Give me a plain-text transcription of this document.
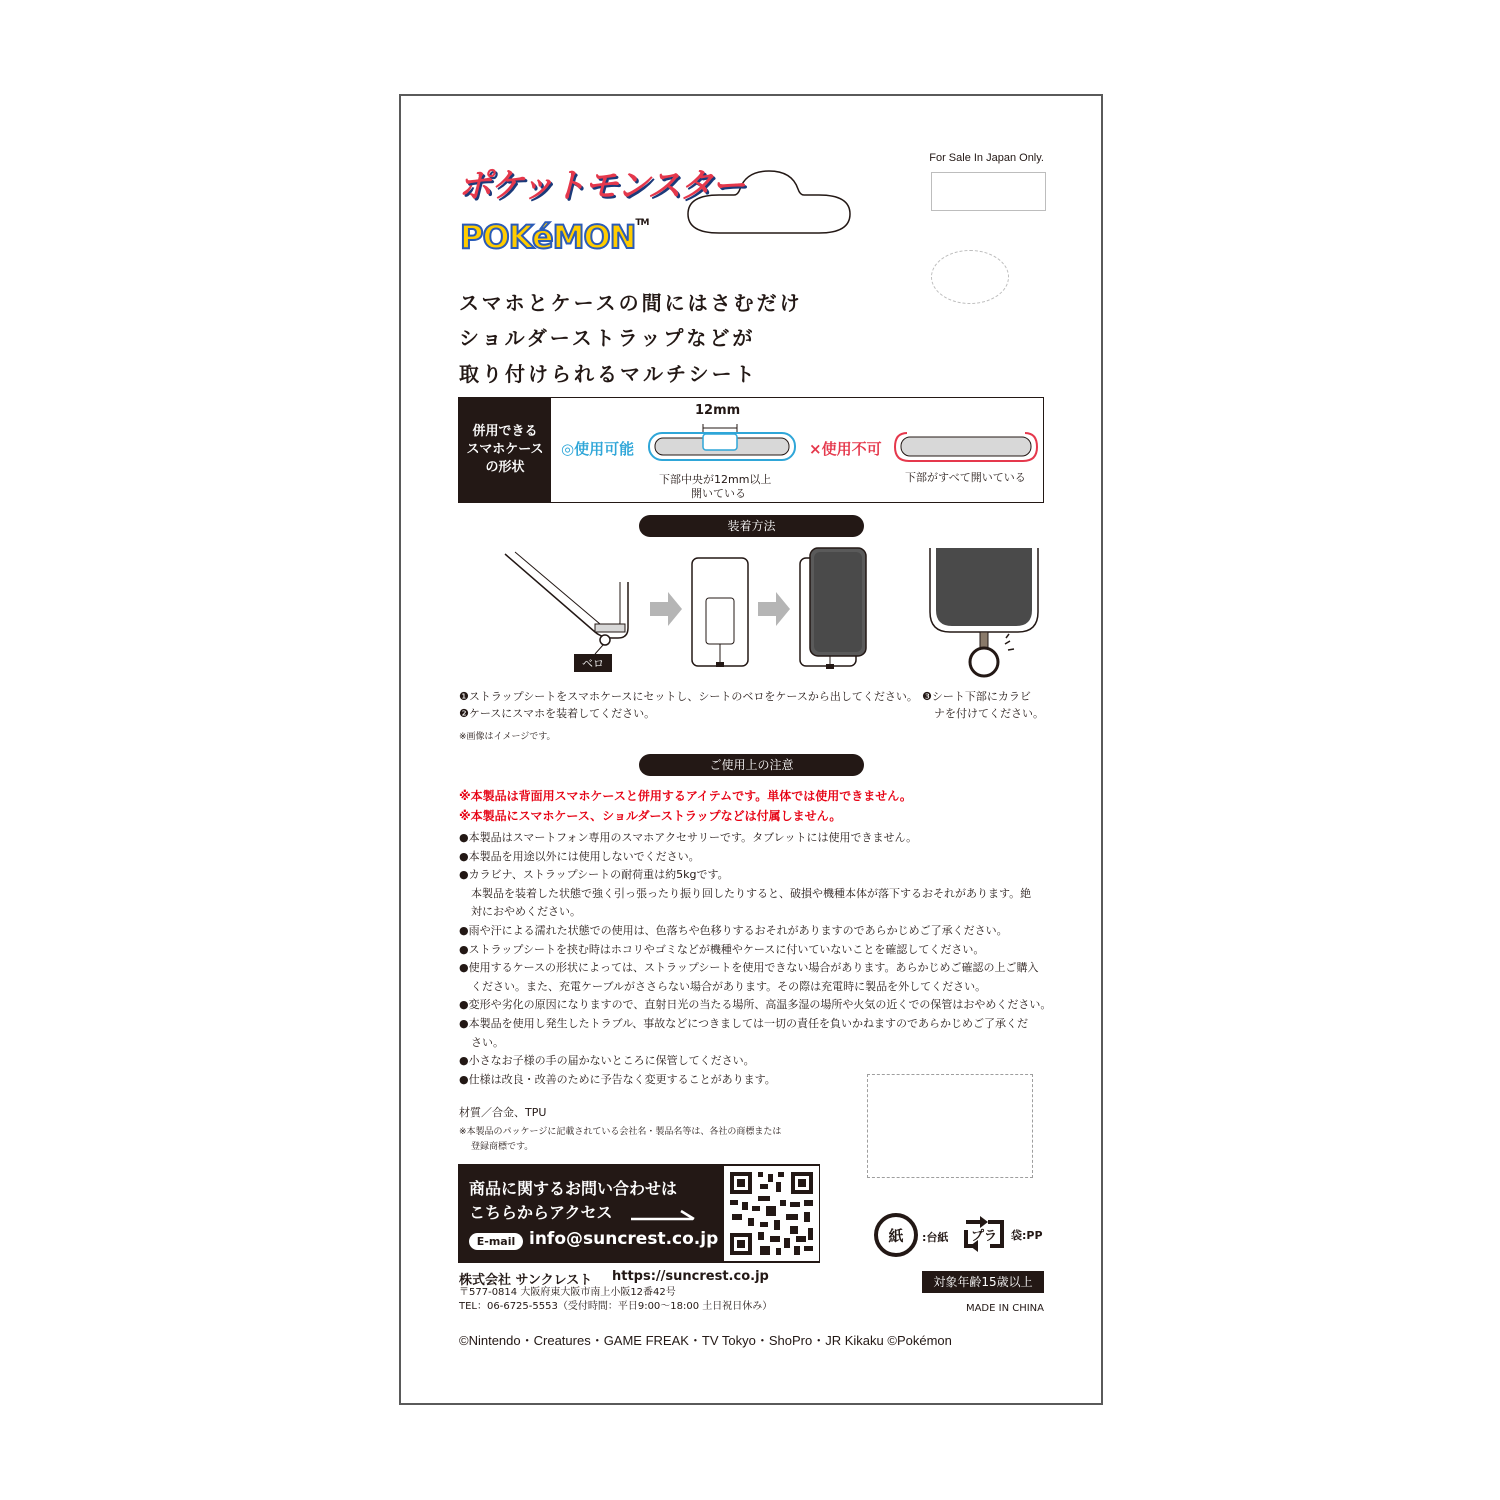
For Sale In Japan Only.
ポケットモンスター
POKéMON™
スマホとケースの間にはさむだけ
ショルダーストラップなどが
取り付けられるマルチシート
併用できる
スマホケース
の形状
◎使用可能
12mm
下部中央が12mm以上
開いている
×使用不可
下部がすべて開いている
装着方法
ベロ
❶ストラップシートをスマホケースにセットし、シートのベロをケースから出してください。
❷ケースにスマホを装着してください。
❸シート下部にカラビ
ナを付けてください。
※画像はイメージです。
ご使用上の注意
※本製品は背面用スマホケースと併用するアイテムです。単体では使用できません。
※本製品にスマホケース、ショルダーストラップなどは付属しません。
●本製品はスマートフォン専用のスマホアクセサリーです。タブレットには使用できません。
●本製品を用途以外には使用しないでください。
●カラビナ、ストラップシートの耐荷重は約5kgです。
本製品を装着した状態で強く引っ張ったり振り回したりすると、破損や機種本体が落下するおそれがあります。絶
対におやめください。
●雨や汗による濡れた状態での使用は、色落ちや色移りするおそれがありますのであらかじめご了承ください。
●ストラップシートを挟む時はホコリやゴミなどが機種やケースに付いていないことを確認してください。
●使用するケースの形状によっては、ストラップシートを使用できない場合があります。あらかじめご確認の上ご購入
ください。また、充電ケーブルがささらない場合があります。その際は充電時に製品を外してください。
●変形や劣化の原因になりますので、直射日光の当たる場所、高温多湿の場所や火気の近くでの保管はおやめください。
●本製品を使用し発生したトラブル、事故などにつきましては一切の責任を負いかねますのであらかじめご了承くだ
さい。
●小さなお子様の手の届かないところに保管してください。
●仕様は改良・改善のために予告なく変更することがあります。
材質／合金、TPU
※本製品のパッケージに記載されている会社名・製品名等は、各社の商標または
登録商標です。
商品に関するお問い合わせは
こちらからアクセス
E-mail info@suncrest.co.jp
株式会社 サンクレスト https://suncrest.co.jp
〒577-0814 大阪府東大阪市南上小阪12番42号
TEL：06-6725-5553（受付時間：平日9:00〜18:00 土日祝日休み）
紙 :台紙 プラ 袋:PP
対象年齢15歳以上
MADE IN CHINA
©Nintendo・Creatures・GAME FREAK・TV Tokyo・ShoPro・JR Kikaku ©Pokémon
